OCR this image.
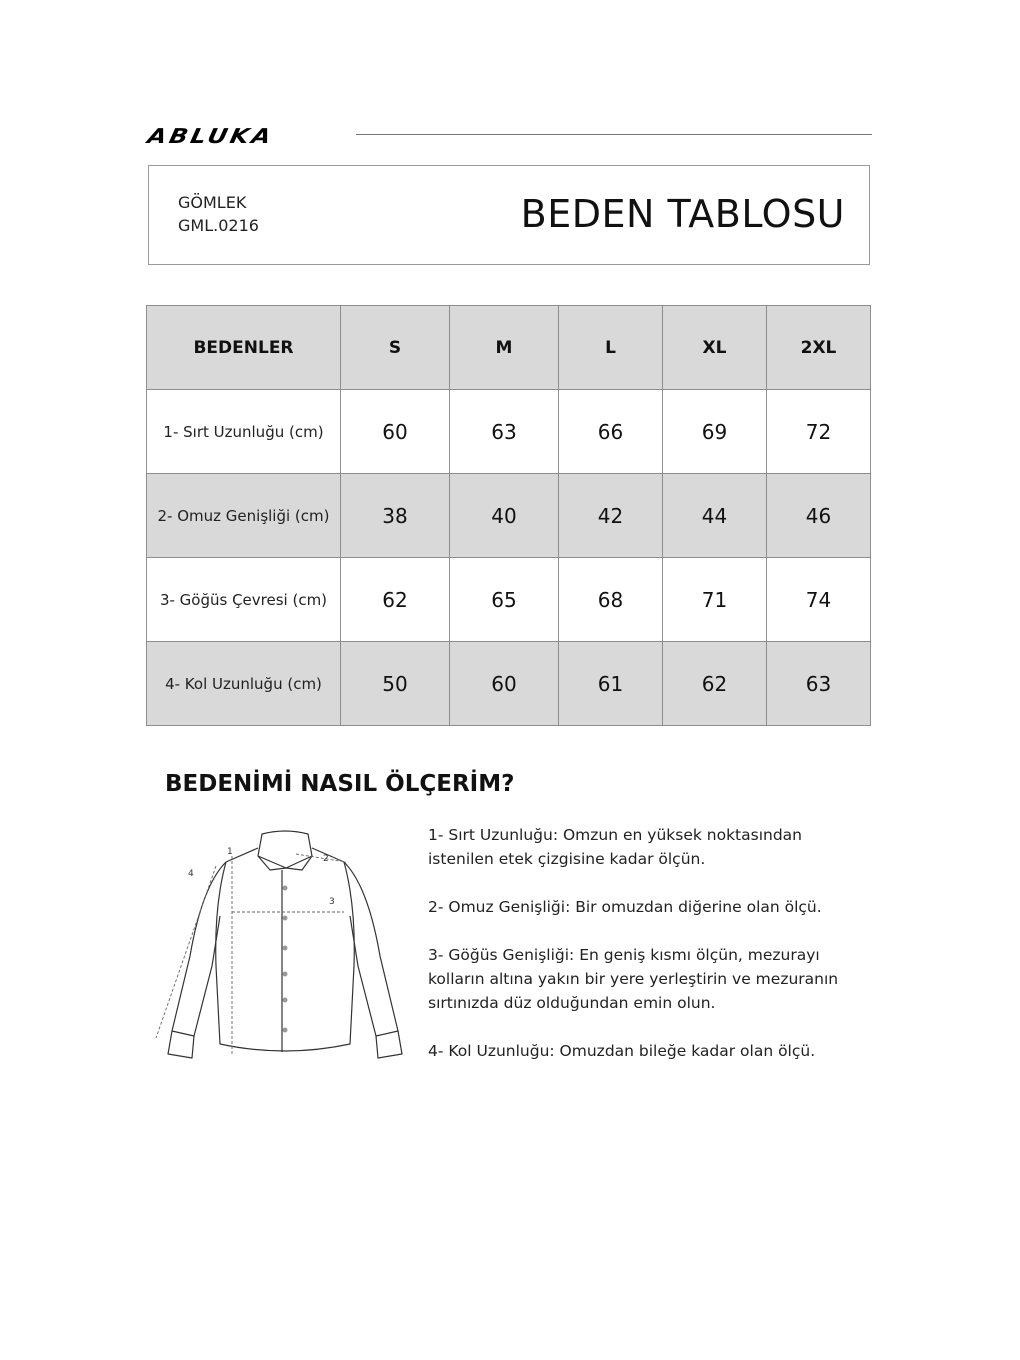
ABLUKA
GÖMLEK
GML.0216	BEDEN TABLOSU
BEDENLER	S	M	L	XL	2XL
1- Sırt Uzunluğu (cm)	60	63	66	69	72
2- Omuz Genişliği (cm)	38	40	42	44	46
3- Göğüs Çevresi (cm)	62	65	68	71	74
4- Kol Uzunluğu (cm)	50	60	61	62	63
BEDENİMİ NASIL ÖLÇERİM?
1
2
3
4

1- Sırt Uzunluğu: Omzun en yüksek noktasından istenilen etek çizgisine kadar ölçün.

2- Omuz Genişliği: Bir omuzdan diğerine olan ölçü.

3- Göğüs Genişliği: En geniş kısmı ölçün, mezurayı kolların altına yakın bir yere yerleştirin ve mezuranın sırtınızda düz olduğundan emin olun.

4- Kol Uzunluğu: Omuzdan bileğe kadar olan ölçü.
